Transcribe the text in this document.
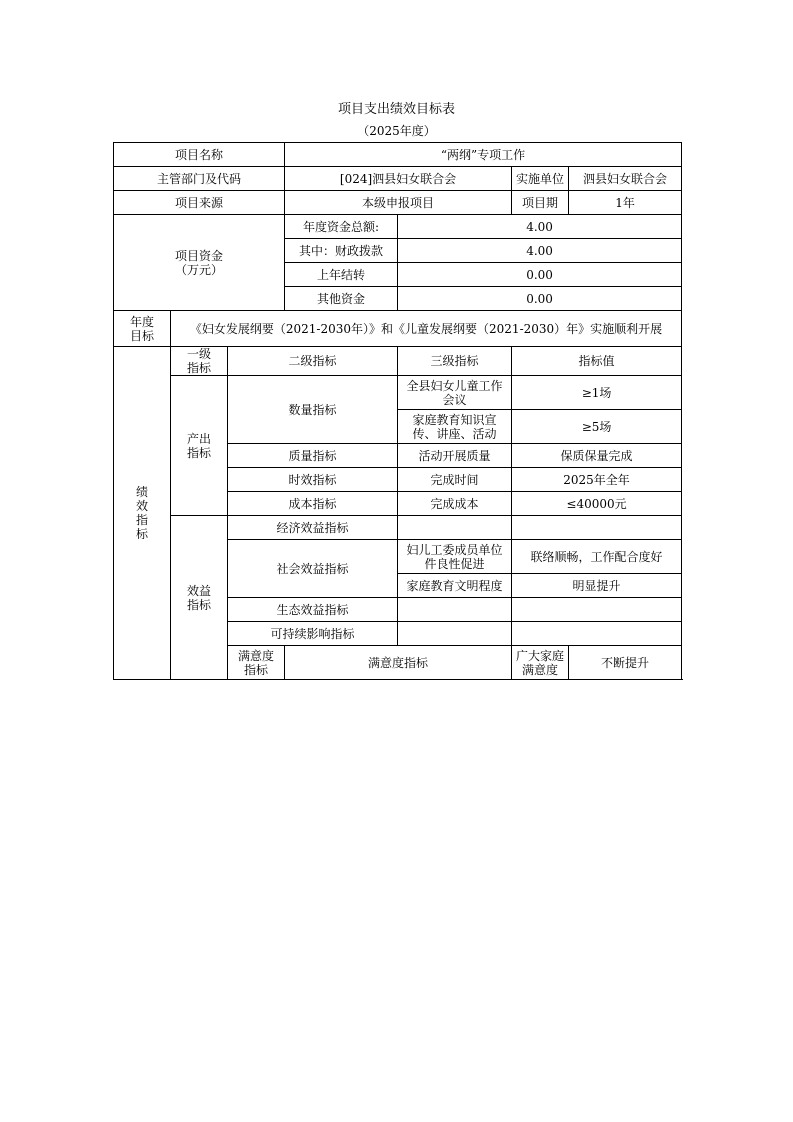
项目支出绩效目标表
（2025年度）
项目名称			“两纲”专项工作			
主管部门及代码			[024]泗县妇女联合会		实施单位	泗县妇女联合会
项目来源			本级申报项目		项目期	1年

项目资金
（万元）			年度资金总额:	4.00		
			其中：财政拨款	4.00		
			上年结转	0.00		
			其他资金	0.00		

年度目标	《妇女发展纲要（2021-2030年）》和《儿童发展纲要（2021-2030）年》实施顺利开展					

绩效指标	一级指标	二级指标		三级指标	指标值	

	产出指标	数量指标		全县妇女儿童工作会议	≥1场	
				家庭教育知识宣传、讲座、活动	≥5场	
		质量指标		活动开展质量	保质保量完成	
		时效指标		完成时间	2025年全年	
		成本指标		完成成本	≤40000元	

	效益指标	经济效益指标				
		社会效益指标		妇儿工委成员单位件良性促进	联络顺畅，工作配合度好	
				家庭教育文明程度	明显提升	
		生态效益指标				
		可持续影响指标				

		满意度指标	满意度指标		广大家庭满意度	不断提升
